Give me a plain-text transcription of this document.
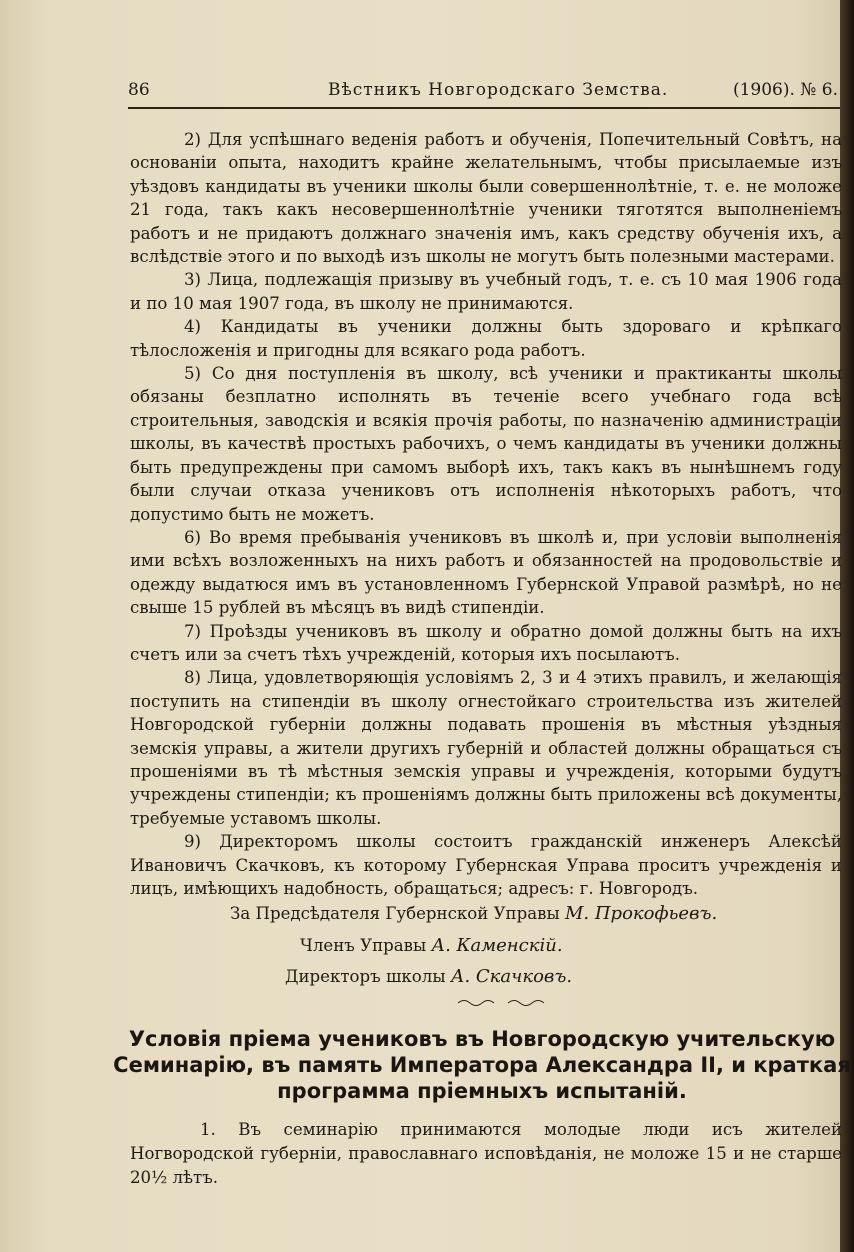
86	Вѣстникъ Новгородскаго Земства.	(1906). № 6.

2) Для успѣшнаго веденія работъ и обученія, Попечительный Совѣтъ, на основаніи опыта, находитъ крайне желательнымъ, чтобы присылаемые изъ уѣздовъ кандидаты въ ученики школы были совершеннолѣтніе, т. е. не моложе 21 года, такъ какъ несовершеннолѣтніе ученики тяготятся выполненіемъ работъ и не придаютъ должнаго значенія имъ, какъ средству обученія ихъ, а вслѣдствіе этого и по выходѣ изъ школы не могутъ быть полезными мастерами.

3) Лица, подлежащія призыву въ учебный годъ, т. е. съ 10 мая 1906 года и по 10 мая 1907 года, въ школу не принимаются.

4) Кандидаты въ ученики должны быть здороваго и крѣпкаго тѣлосложенія и пригодны для всякаго рода работъ.

5) Со дня поступленія въ школу, всѣ ученики и практиканты школы обязаны безплатно исполнять въ теченіе всего учебнаго года всѣ строительныя, заводскія и всякія прочія работы, по назначенію администраціи школы, въ качествѣ простыхъ рабочихъ, о чемъ кандидаты въ ученики должны быть предупреждены при самомъ выборѣ ихъ, такъ какъ въ нынѣшнемъ году были случаи отказа учениковъ отъ исполненія нѣкоторыхъ работъ, что допустимо быть не можетъ.

6) Во время пребыванія учениковъ въ школѣ и, при условіи выполненія ими всѣхъ возложенныхъ на нихъ работъ и обязанностей на продовольствіе и одежду выдатюся имъ въ установленномъ Губернской Управой размѣрѣ, но не свыше 15 рублей въ мѣсяцъ въ видѣ стипендіи.

7) Проѣзды учениковъ въ школу и обратно домой должны быть на ихъ счетъ или за счетъ тѣхъ учрежденій, которыя ихъ посылаютъ.

8) Лица, удовлетворяющія условіямъ 2, 3 и 4 этихъ правилъ, и желающія поступить на стипендіи въ школу огнестойкаго строительства изъ жителей Новгородской губерніи должны подавать прошенія въ мѣстныя уѣздныя земскія управы, а жители другихъ губерній и областей должны обращаться съ прошеніями въ тѣ мѣстныя земскія управы и учрежденія, которыми будутъ учреждены стипендіи; къ прошеніямъ должны быть приложены всѣ документы, требуемые уставомъ школы.

9) Директоромъ школы состоитъ гражданскій инженеръ Алексѣй Ивановичъ Скачковъ, къ которому Губернская Управа проситъ учрежденія и лицъ, имѣющихъ надобность, обращаться; адресъ: г. Новгородъ.

За Предсѣдателя Губернской Управы М. Прокофьевъ.

Членъ Управы А. Каменскій.

Директоръ школы А. Скачковъ.

Условія пріема учениковъ въ Новгородскую учительскую Семинарію, въ память Императора Александра II, и краткая программа пріемныхъ испытаній.

1. Въ семинарію принимаются молодые люди исъ жителей Ногвородской губерніи, православнаго исповѣданія, не моложе 15 и не старше 20½ лѣтъ.
